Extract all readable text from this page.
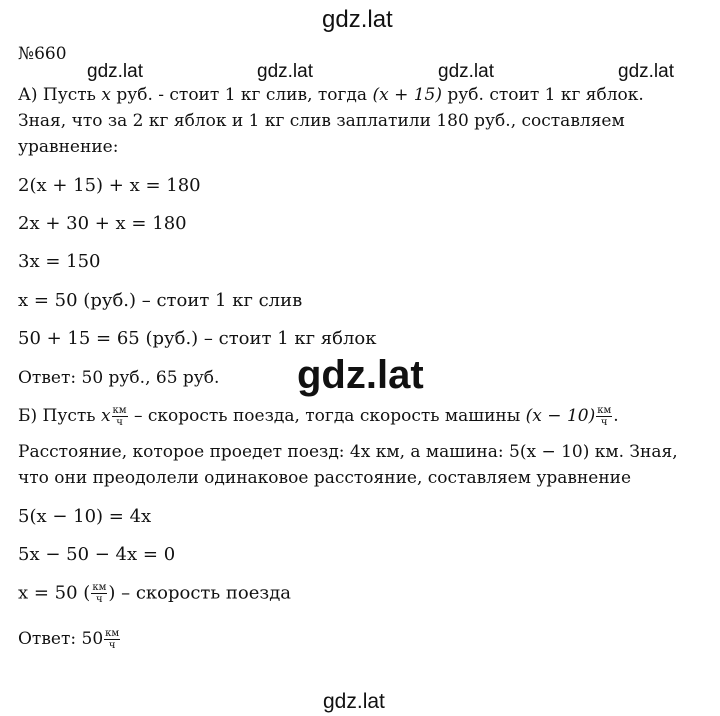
gdz.lat
gdz.lat	gdz.lat	gdz.lat	gdz.lat
gdz.lat
gdz.lat
№660
А) Пусть x руб. - стоит 1 кг слив, тогда (x + 15) руб. стоит 1 кг яблок.
Зная, что за 2 кг яблок и 1 кг слив заплатили 180 руб., составляем
уравнение:
2(x + 15) + x = 180
2x + 30 + x = 180
3x = 150
x = 50 (руб.) – стоит 1 кг слив
50 + 15 = 65 (руб.) – стоит 1 кг яблок
Ответ: 50 руб., 65 руб.
Б) Пусть x $\frac{км}{ч}$ – скорость поезда, тогда скорость машины $(x - 10) \frac{км}{ч}$ .
Расстояние, которое проедет поезд: 4x км, а машина: 5(x − 10) км. Зная,
что они преодолели одинаковое расстояние, составляем уравнение
5(x − 10) = 4x
5x − 50 − 4x = 0
x = 50 ( $\frac{км}{ч}$ ) – скорость поезда
Ответ: $50 \frac{км}{ч}$
